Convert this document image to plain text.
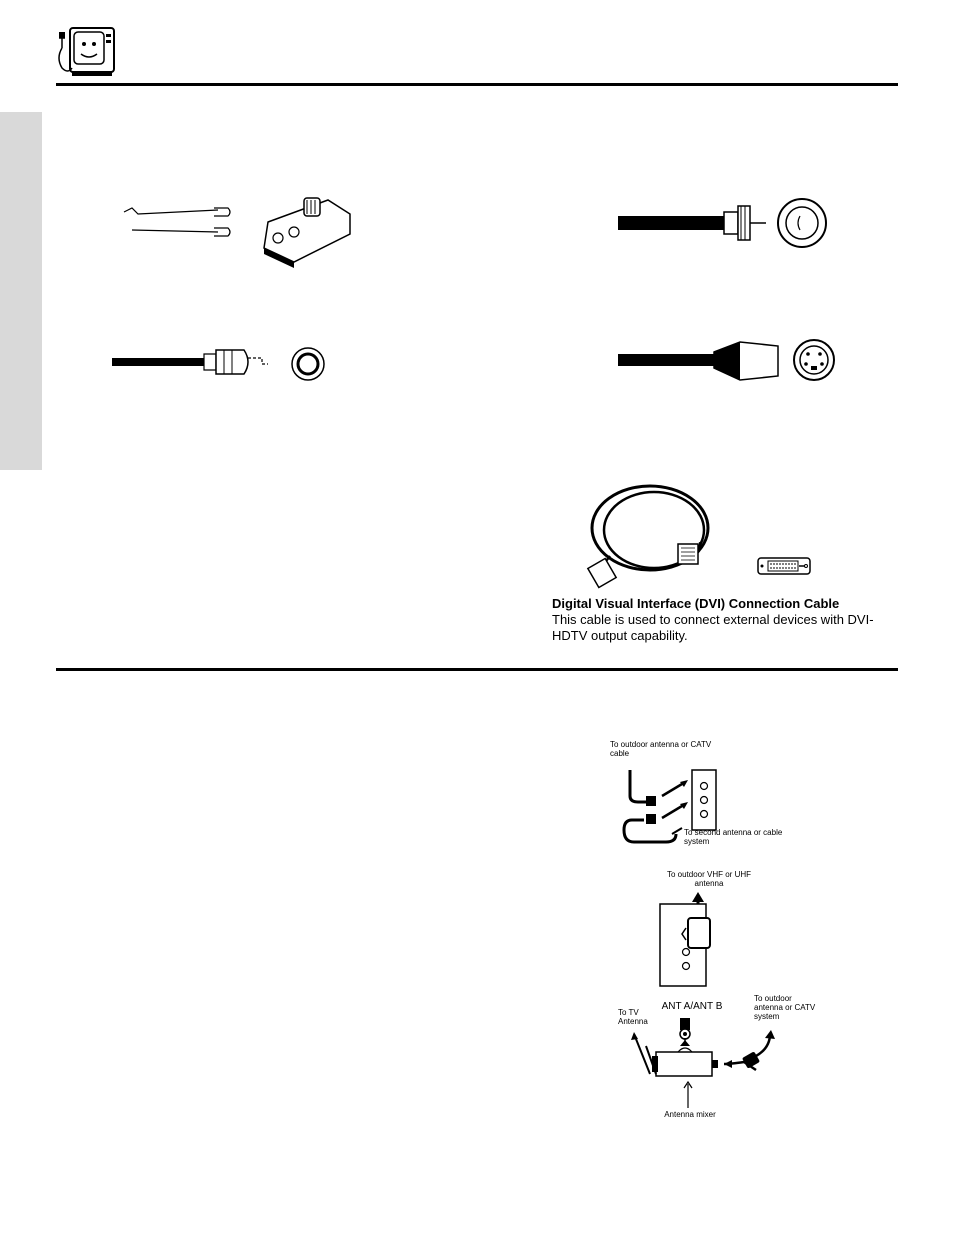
Digital Visual Interface (DVI) Connection Cable
This cable is used to connect external devices with DVI-HDTV output capability.
To outdoor antenna or CATV cable
To second antenna or cable system
To outdoor VHF or UHF antenna
ANT A/ANT B
To TV Antenna
To outdoor antenna or CATV system
Antenna mixer
